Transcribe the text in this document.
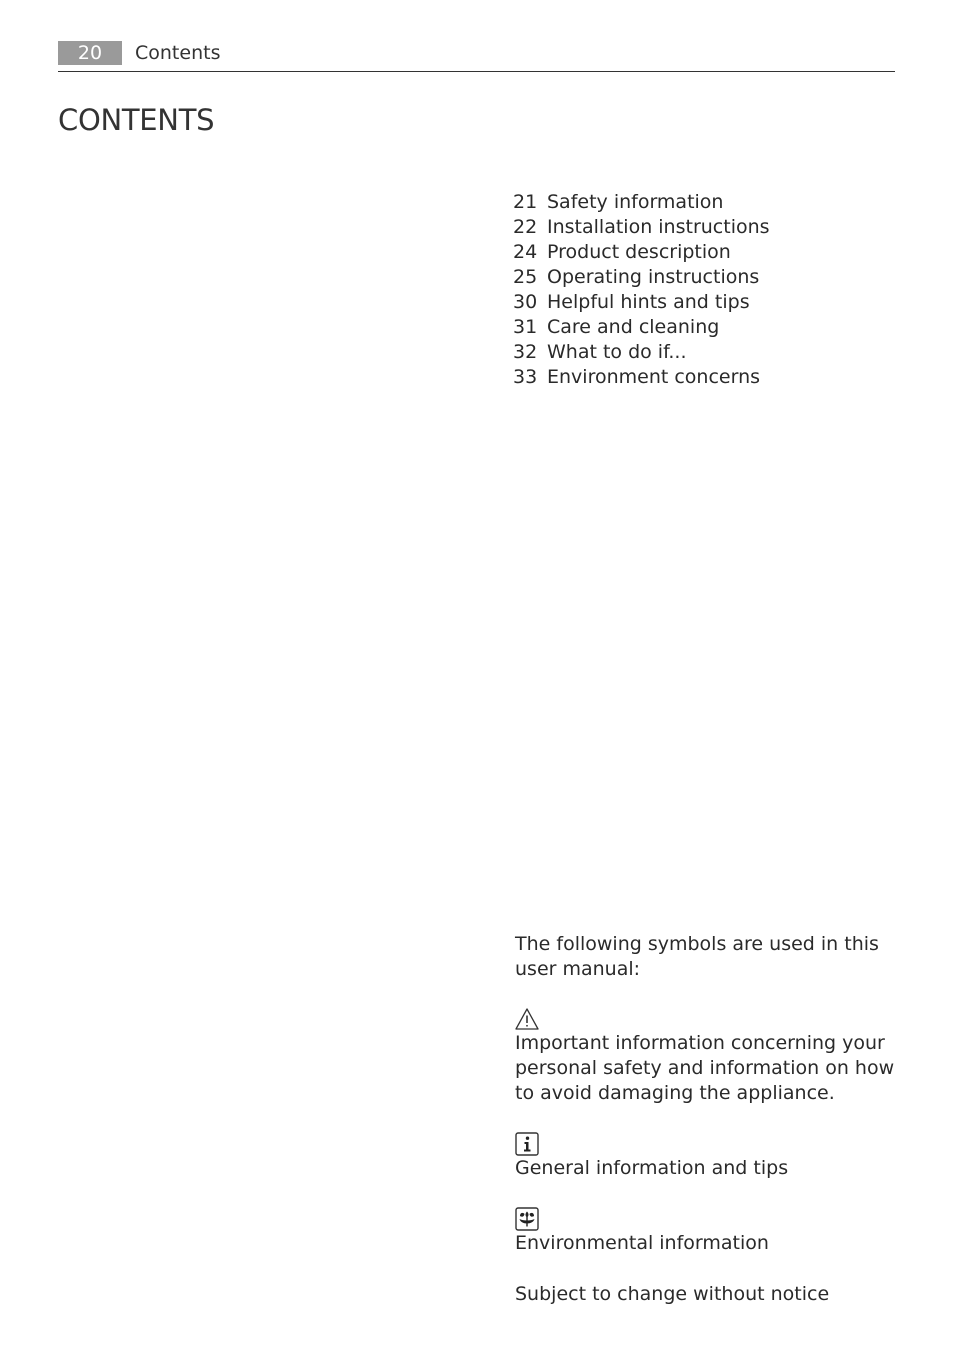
20	Contents
CONTENTS
21 Safety information
22 Installation instructions
24 Product description
25 Operating instructions
30 Helpful hints and tips
31 Care and cleaning
32 What to do if...
33 Environment concerns

The following symbols are used in this user manual:

Important information concerning your personal safety and information on how to avoid damaging the appliance.

General information and tips

Environmental information

Subject to change without notice
